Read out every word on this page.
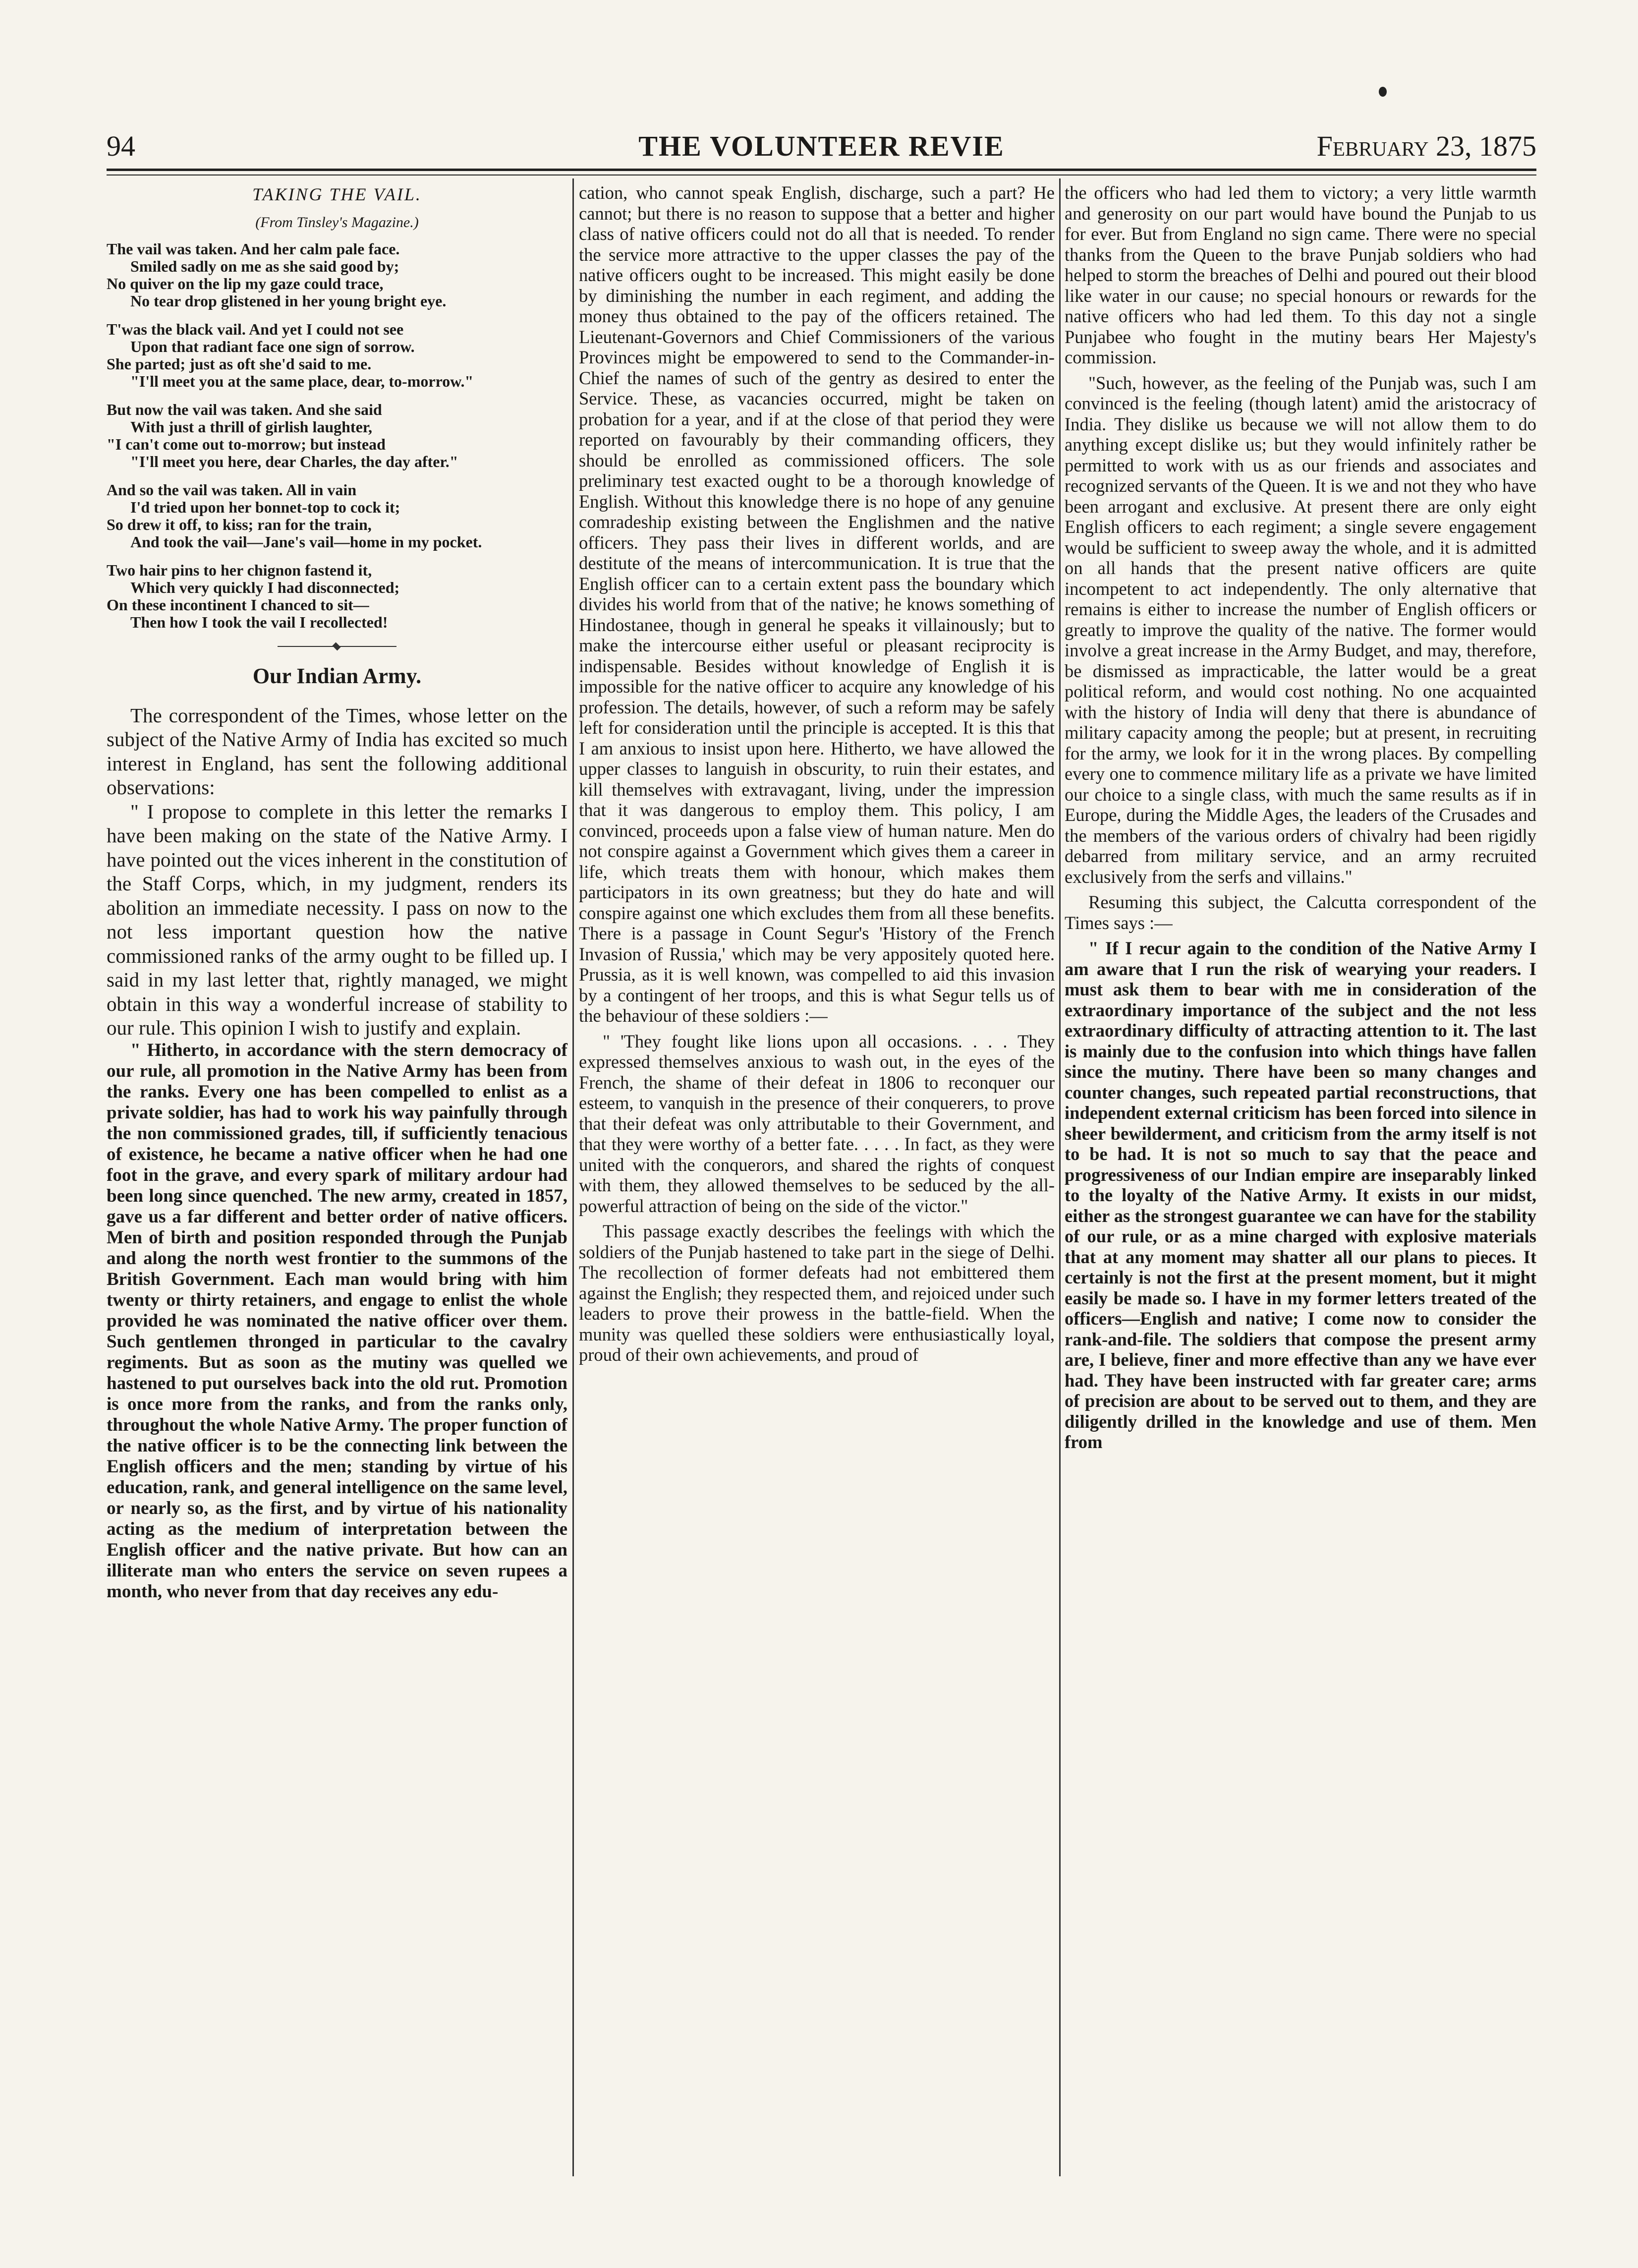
94	THE VOLUNTEER REVIE	February 23, 1875
TAKING THE VAIL.
(From Tinsley's Magazine.)
The vail was taken. And her calm pale face.
Smiled sadly on me as she said good by;
No quiver on the lip my gaze could trace,
No tear drop glistened in her young bright eye.
T'was the black vail. And yet I could not see
Upon that radiant face one sign of sorrow.
She parted; just as oft she'd said to me.
"I'll meet you at the same place, dear, to-morrow."
But now the vail was taken. And she said
With just a thrill of girlish laughter,
"I can't come out to-morrow; but instead
"I'll meet you here, dear Charles, the day after."
And so the vail was taken. All in vain
I'd tried upon her bonnet-top to cock it;
So drew it off, to kiss; ran for the train,
And took the vail—Jane's vail—home in my pocket.
Two hair pins to her chignon fastend it,
Which very quickly I had disconnected;
On these incontinent I chanced to sit—
Then how I took the vail I recollected!
Our Indian Army.

The correspondent of the Times, whose letter on the subject of the Native Army of India has excited so much interest in England, has sent the following additional observations:

" I propose to complete in this letter the remarks I have been making on the state of the Native Army. I have pointed out the vices inherent in the constitution of the Staff Corps, which, in my judgment, renders its abolition an immediate necessity. I pass on now to the not less important question how the native commissioned ranks of the army ought to be filled up. I said in my last letter that, rightly managed, we might obtain in this way a wonderful increase of stability to our rule. This opinion I wish to justify and explain.

" Hitherto, in accordance with the stern democracy of our rule, all promotion in the Native Army has been from the ranks. Every one has been compelled to enlist as a private soldier, has had to work his way painfully through the non commissioned grades, till, if sufficiently tenacious of existence, he became a native officer when he had one foot in the grave, and every spark of military ardour had been long since quenched. The new army, created in 1857, gave us a far different and better order of native officers. Men of birth and position responded through the Punjab and along the north west frontier to the summons of the British Government. Each man would bring with him twenty or thirty retainers, and engage to enlist the whole provided he was nominated the native officer over them. Such gentlemen thronged in particular to the cavalry regiments. But as soon as the mutiny was quelled we hastened to put ourselves back into the old rut. Promotion is once more from the ranks, and from the ranks only, throughout the whole Native Army. The proper function of the native officer is to be the connecting link between the English officers and the men; standing by virtue of his education, rank, and general intelligence on the same level, or nearly so, as the first, and by virtue of his nationality acting as the medium of interpretation between the English officer and the native private. But how can an illiterate man who enters the service on seven rupees a month, who never from that day receives any edu-

cation, who cannot speak English, discharge, such a part? He cannot; but there is no reason to suppose that a better and higher class of native officers could not do all that is needed. To render the service more attractive to the upper classes the pay of the native officers ought to be increased. This might easily be done by diminishing the number in each regiment, and adding the money thus obtained to the pay of the officers retained. The Lieutenant-Governors and Chief Commissioners of the various Provinces might be empowered to send to the Commander-in-Chief the names of such of the gentry as desired to enter the Service. These, as vacancies occurred, might be taken on probation for a year, and if at the close of that period they were reported on favourably by their commanding officers, they should be enrolled as commissioned officers. The sole preliminary test exacted ought to be a thorough knowledge of English. Without this knowledge there is no hope of any genuine comradeship existing between the Englishmen and the native officers. They pass their lives in different worlds, and are destitute of the means of intercommunication. It is true that the English officer can to a certain extent pass the boundary which divides his world from that of the native; he knows something of Hindostanee, though in general he speaks it villainously; but to make the intercourse either useful or pleasant reciprocity is indispensable. Besides without knowledge of English it is impossible for the native officer to acquire any knowledge of his profession. The details, however, of such a reform may be safely left for consideration until the principle is accepted. It is this that I am anxious to insist upon here. Hitherto, we have allowed the upper classes to languish in obscurity, to ruin their estates, and kill themselves with extravagant, living, under the impression that it was dangerous to employ them. This policy, I am convinced, proceeds upon a false view of human nature. Men do not conspire against a Government which gives them a career in life, which treats them with honour, which makes them participators in its own greatness; but they do hate and will conspire against one which excludes them from all these benefits. There is a passage in Count Segur's 'History of the French Invasion of Russia,' which may be very appositely quoted here. Prussia, as it is well known, was compelled to aid this invasion by a contingent of her troops, and this is what Segur tells us of the behaviour of these soldiers :—

" 'They fought like lions upon all occasions. . . . They expressed themselves anxious to wash out, in the eyes of the French, the shame of their defeat in 1806 to reconquer our esteem, to vanquish in the presence of their conquerers, to prove that their defeat was only attributable to their Government, and that they were worthy of a better fate. . . . . In fact, as they were united with the conquerors, and shared the rights of conquest with them, they allowed themselves to be seduced by the all-powerful attraction of being on the side of the victor."

This passage exactly describes the feelings with which the soldiers of the Punjab hastened to take part in the siege of Delhi. The recollection of former defeats had not embittered them against the English; they respected them, and rejoiced under such leaders to prove their prowess in the battle-field. When the munity was quelled these soldiers were enthusiastically loyal, proud of their own achievements, and proud of

the officers who had led them to victory; a very little warmth and generosity on our part would have bound the Punjab to us for ever. But from England no sign came. There were no special thanks from the Queen to the brave Punjab soldiers who had helped to storm the breaches of Delhi and poured out their blood like water in our cause; no special honours or rewards for the native officers who had led them. To this day not a single Punjabee who fought in the mutiny bears Her Majesty's commission.

"Such, however, as the feeling of the Punjab was, such I am convinced is the feeling (though latent) amid the aristocracy of India. They dislike us because we will not allow them to do anything except dislike us; but they would infinitely rather be permitted to work with us as our friends and associates and recognized servants of the Queen. It is we and not they who have been arrogant and exclusive. At present there are only eight English officers to each regiment; a single severe engagement would be sufficient to sweep away the whole, and it is admitted on all hands that the present native officers are quite incompetent to act independently. The only alternative that remains is either to increase the number of English officers or greatly to improve the quality of the native. The former would involve a great increase in the Army Budget, and may, therefore, be dismissed as impracticable, the latter would be a great political reform, and would cost nothing. No one acquainted with the history of India will deny that there is abundance of military capacity among the people; but at present, in recruiting for the army, we look for it in the wrong places. By compelling every one to commence military life as a private we have limited our choice to a single class, with much the same results as if in Europe, during the Middle Ages, the leaders of the Crusades and the members of the various orders of chivalry had been rigidly debarred from military service, and an army recruited exclusively from the serfs and villains."

Resuming this subject, the Calcutta correspondent of the Times says :—

" If I recur again to the condition of the Native Army I am aware that I run the risk of wearying your readers. I must ask them to bear with me in consideration of the extraordinary importance of the subject and the not less extraordinary difficulty of attracting attention to it. The last is mainly due to the confusion into which things have fallen since the mutiny. There have been so many changes and counter changes, such repeated partial reconstructions, that independent external criticism has been forced into silence in sheer bewilderment, and criticism from the army itself is not to be had. It is not so much to say that the peace and progressiveness of our Indian empire are inseparably linked to the loyalty of the Native Army. It exists in our midst, either as the strongest guarantee we can have for the stability of our rule, or as a mine charged with explosive materials that at any moment may shatter all our plans to pieces. It certainly is not the first at the present moment, but it might easily be made so. I have in my former letters treated of the officers—English and native; I come now to consider the rank-and-file. The soldiers that compose the present army are, I believe, finer and more effective than any we have ever had. They have been instructed with far greater care; arms of precision are about to be served out to them, and they are diligently drilled in the knowledge and use of them. Men from
